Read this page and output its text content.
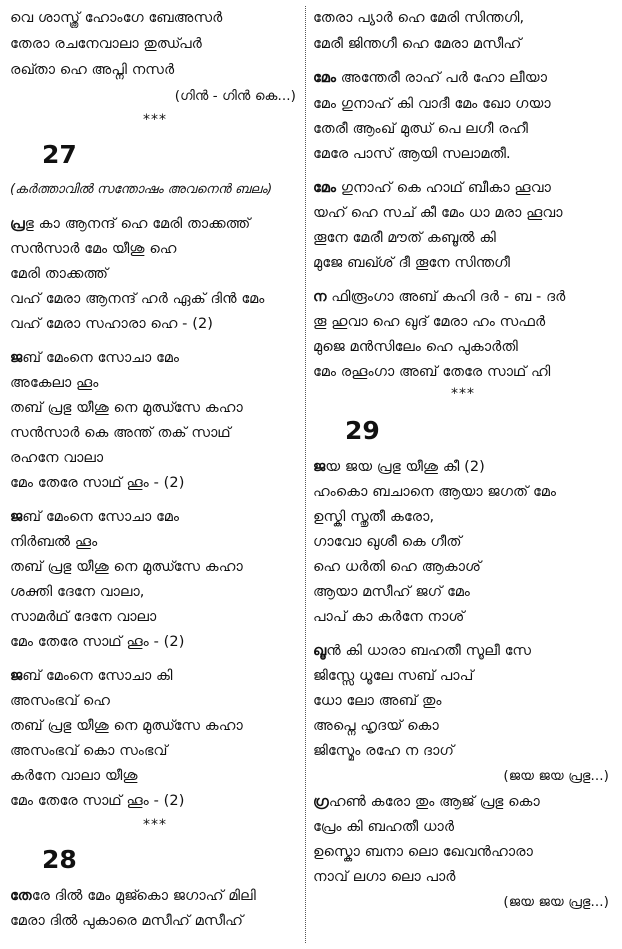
വെ ശാസ്ത്ര് ഹോംഗേ ബേഅസർ
തേരാ രചനേവാലാ തുഝ്പർ
രഖ്താ ഹെ അപ്നി നസർ
(ഗിൻ - ഗിൻ കെ...)
***
27
(കർത്താവിൽ സന്തോഷം അവനെൻ ബലം)
പ്രഭു കാ ആനന്ദ് ഹെ മേരി താക്കത്ത്
സൻസാർ മേം യീശു ഹെ
മേരി താക്കത്ത്
വഹ് മേരാ ആനന്ദ് ഹർ ഏക് ദിൻ മേം
വഹ് മേരാ സഹാരാ ഹെ - (2)
ജബ് മേംനെ സോചാ മേം
അകേലാ ഹൂം
തബ് പ്രഭു യീശു നെ മുഝ്സേ കഹാ
സൻസാർ കെ അന്ത് തക് സാഥ്
രഹനേ വാലാ
മേം തേരേ സാഥ് ഹൂം - (2)
ജബ് മേംനെ സോചാ മേം
നിർബൽ ഹൂം
തബ് പ്രഭു യീശു നെ മുഝ്സേ കഹാ
ശക്തി ദേനേ വാലാ,
സാമർഥ് ദേനേ വാലാ
മേം തേരേ സാഥ് ഹൂം - (2)
ജബ് മേംനെ സോചാ കി
അസംഭവ് ഹെ
തബ് പ്രഭു യീശു നെ മുഝ്സേ കഹാ
അസംഭവ് കൊ സംഭവ്
കർനേ വാലാ യീശു
മേം തേരേ സാഥ് ഹൂം - (2)
***
28
തേരേ ദിൽ മേം മുജ്കൊ ജഗാഹ് മിലി
മേരാ ദിൽ പുകാരെ മസീഹ് മസീഹ്
തേരാ പ്യാർ ഹെ മേരി സിന്തഗി,
മേരീ ജിന്തഗീ ഹെ മേരാ മസീഹ്
മേം അന്തേരീ രാഹ് പർ ഹോ ലീയാ
മേം ഗുനാഹ് കി വാദീ മേം ഖോ ഗയാ
തേരീ ആംഖ് മുഝ് പെ ലഗീ രഹീ
മേരേ പാസ് ആയി സലാമതീ.
മേം ഗുനാഹ് കെ ഹാഥ് ബീകാ ഹൂവാ
യഹ് ഹെ സച് കീ മേം ധാ മരാ ഹൂവാ
തൂനേ മേരീ മൗത് കബൂൽ കി
മുജേ ബഖ്ശ് ദീ തൂനേ സിന്തഗീ
ന ഫിരൂംഗാ അബ് കഹി ദർ - ബ - ദർ
തൂ ഹുവാ ഹെ ഖുദ് മേരാ ഹം സഫർ
മുജെ മൻസിലേം ഹെ പുകാർതി
മേം രഹൂംഗാ അബ് തേരേ സാഥ് ഹി
***
29
ജയ ജയ പ്രഭു യീശു കീ (2)
ഹംകൊ ബചാനെ ആയാ ജഗത് മേം
ഉസ്കി സ്തുതീ കരോ,
ഗാവോ ഖുശീ കെ ഗീത്
ഹെ ധർതി ഹെ ആകാശ്
ആയാ മസീഹ് ജഗ് മേം
പാപ് കാ കർനേ നാശ്
ഖൂൻ കി ധാരാ ബഹതീ സൂലീ സേ
ജിസ്സേ ധൂലേ സബ് പാപ്
ധോ ലോ അബ് തും
അപ്നെ ഹൃദയ് കൊ
ജിസ്മേം രഹേ ന ദാഗ്
(ജയ ജയ പ്രഭു...)
ഗ്രഹൺ കരോ തും ആജ് പ്രഭു കൊ
പ്രേം കി ബഹതീ ധാർ
ഉസ്കൊ ബനാ ലൊ ഖേവൻഹാരാ
നാവ് ലഗാ ലൊ പാർ
(ജയ ജയ പ്രഭു...)
